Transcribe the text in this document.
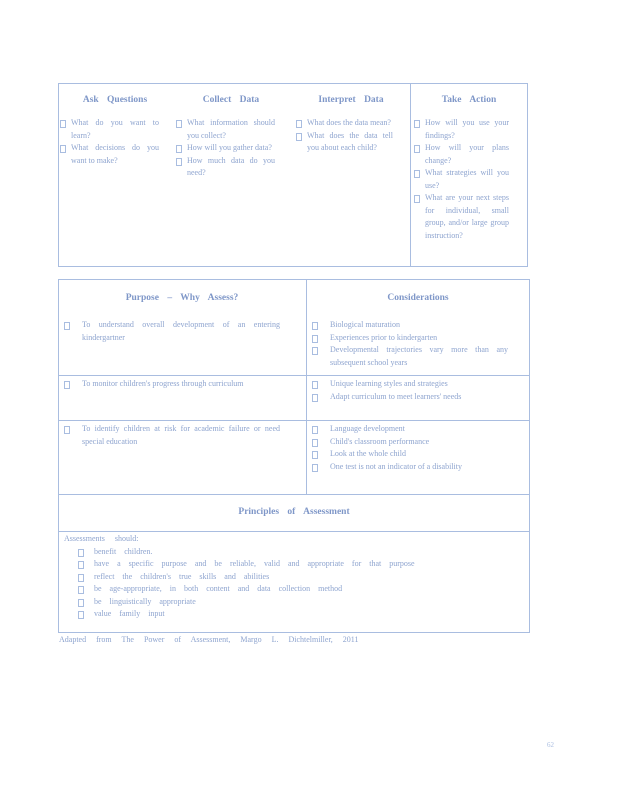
Ask Questions
What do you want to learn?
What decisions do you want to make?
Collect Data
What information should you collect?
How will you gather data?
How much data do you need?
Interpret Data
What does the data mean?
What does the data tell you about each child?
Take Action
How will you use your findings?
How will your plans change?
What strategies will you use?
What are your next steps for individual, small group, and/or large group instruction?
Purpose – Why Assess?	Considerations
To understand overall development of an entering kindergartner
Biological maturation
Experiences prior to kindergarten
Developmental trajectories vary more than any subsequent school years
To monitor children's progress through curriculum	Unique learning styles and strategies
Adapt curriculum to meet learners' needs
To identify children at risk for academic failure or need special education
Language development
Child's classroom performance
Look at the whole child
One test is not an indicator of a disability
Principles of Assessment
Assessments should:
benefit children.
have a specific purpose and be reliable, valid and appropriate for that purpose
reflect the children's true skills and abilities
be age-appropriate, in both content and data collection method
be linguistically appropriate
value family input
Adapted from The Power of Assessment, Margo L. Dichtelmiller, 2011
62
